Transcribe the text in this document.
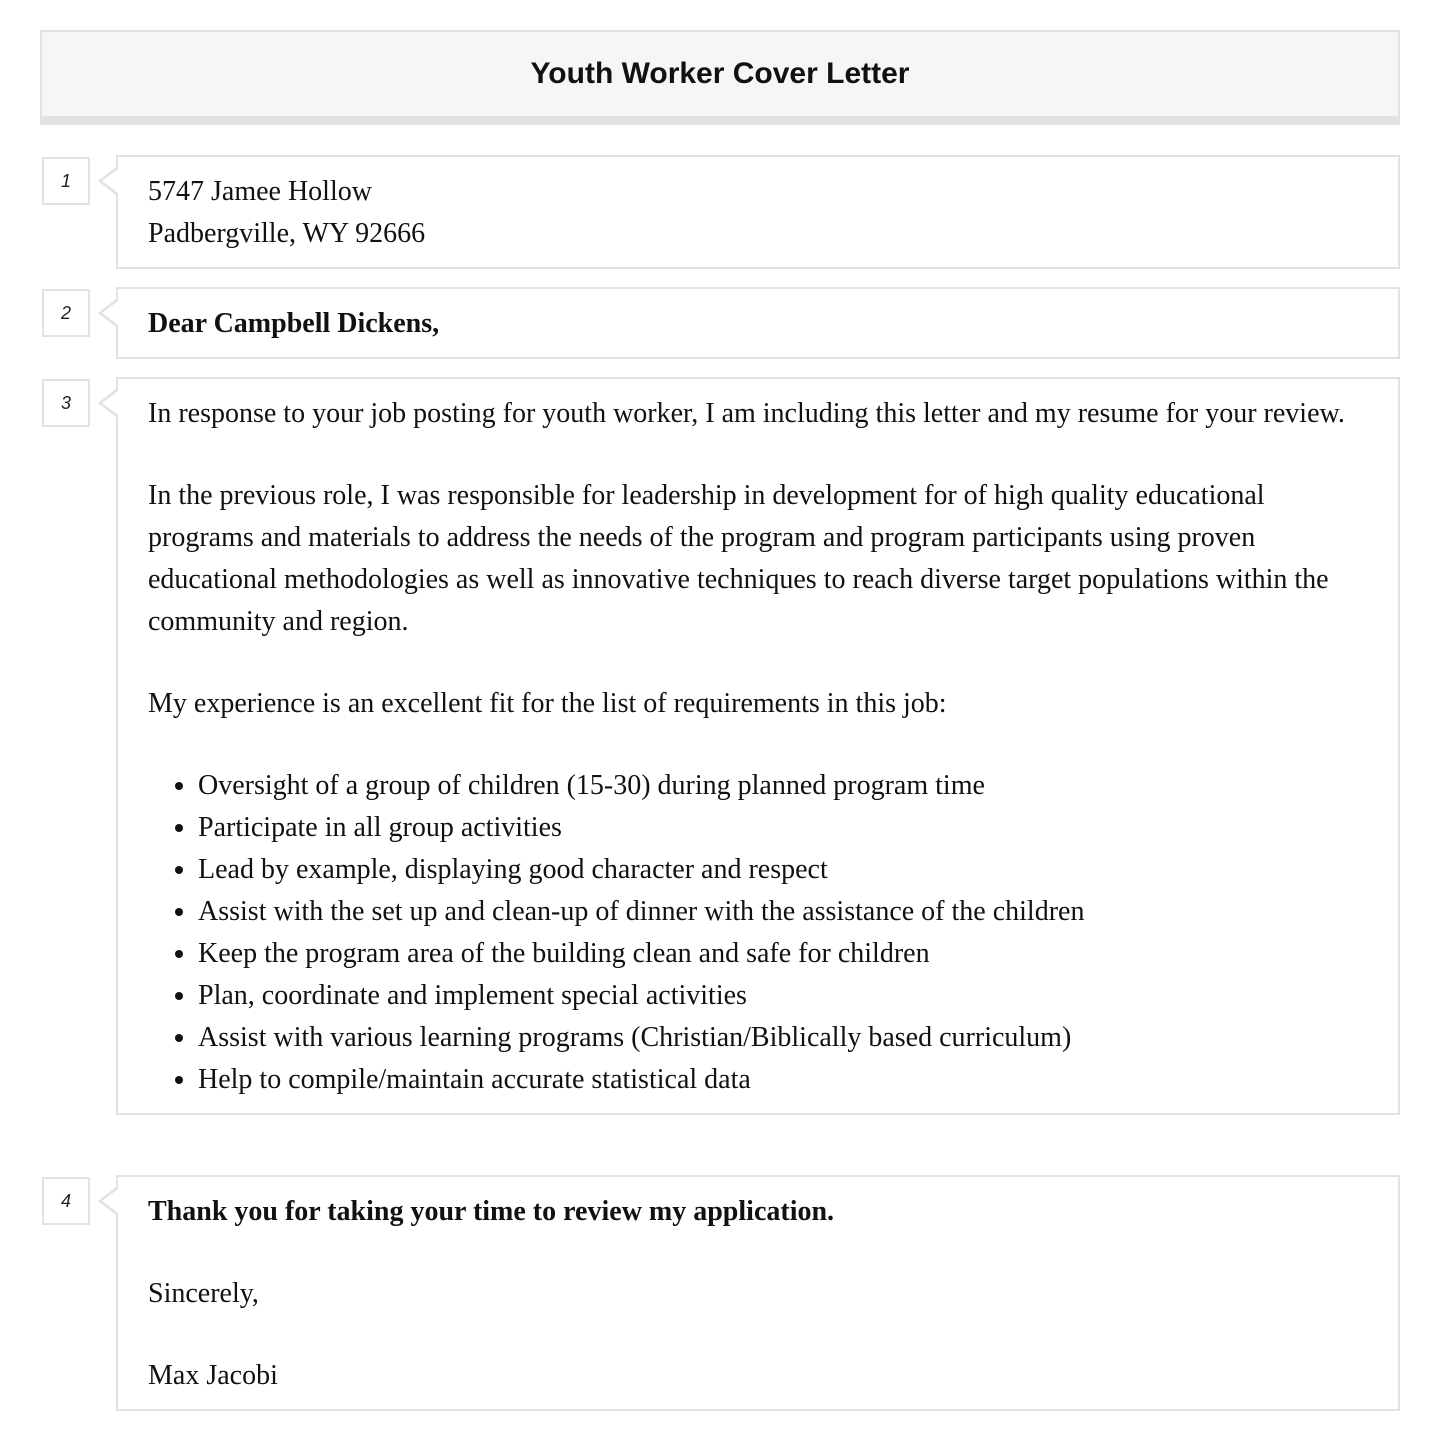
Youth Worker Cover Letter
1	5747 Jamee Hollow
Padbergville, WY 92666
2	Dear Campbell Dickens,
3	In response to your job posting for youth worker, I am including this letter and my resume for your review.

In the previous role, I was responsible for leadership in development for of high quality educational programs and materials to address the needs of the program and program participants using proven educational methodologies as well as innovative techniques to reach diverse target populations within the community and region.

My experience is an excellent fit for the list of requirements in this job:

• Oversight of a group of children (15-30) during planned program time
• Participate in all group activities
• Lead by example, displaying good character and respect
• Assist with the set up and clean-up of dinner with the assistance of the children
• Keep the program area of the building clean and safe for children
• Plan, coordinate and implement special activities
• Assist with various learning programs (Christian/Biblically based curriculum)
• Help to compile/maintain accurate statistical data
4	Thank you for taking your time to review my application.

Sincerely,

Max Jacobi
